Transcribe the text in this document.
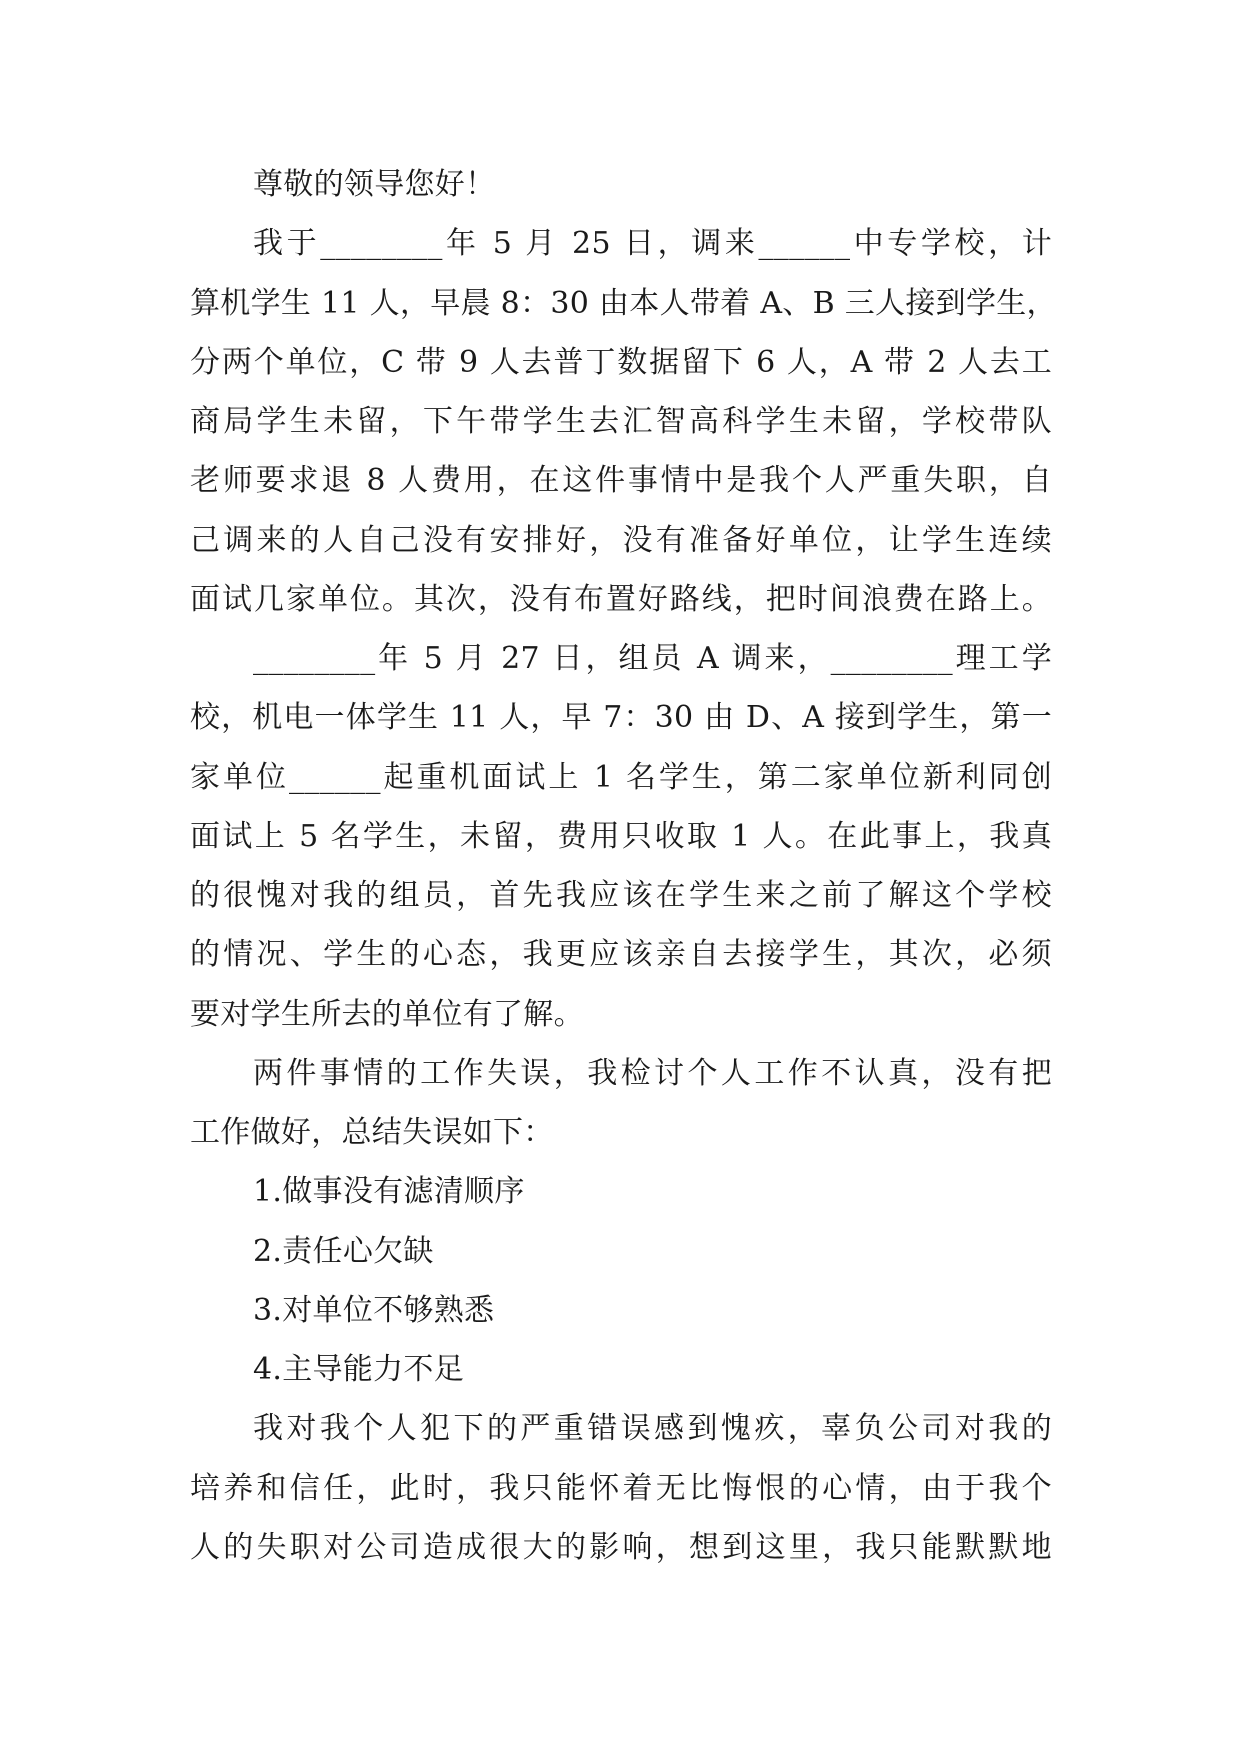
尊敬的领导您好！
我于________年 5 月 25 日，调来______中专学校，计
算机学生 11 人，早晨 8：30 由本人带着 A、B 三人接到学生，
分两个单位，C 带 9 人去普丁数据留下 6 人，A 带 2 人去工
商局学生未留，下午带学生去汇智高科学生未留，学校带队
老师要求退 8 人费用，在这件事情中是我个人严重失职，自
己调来的人自己没有安排好，没有准备好单位，让学生连续
面试几家单位。其次，没有布置好路线，把时间浪费在路上。
________年 5 月 27 日，组员 A 调来，________理工学
校，机电一体学生 11 人，早 7：30 由 D、A 接到学生，第一
家单位______起重机面试上 1 名学生，第二家单位新利同创
面试上 5 名学生，未留，费用只收取 1 人。在此事上，我真
的很愧对我的组员，首先我应该在学生来之前了解这个学校
的情况、学生的心态，我更应该亲自去接学生，其次，必须
要对学生所去的单位有了解。
两件事情的工作失误，我检讨个人工作不认真，没有把
工作做好，总结失误如下：
1.做事没有滤清顺序
2.责任心欠缺
3.对单位不够熟悉
4.主导能力不足
我对我个人犯下的严重错误感到愧疚，辜负公司对我的
培养和信任，此时，我只能怀着无比悔恨的心情，由于我个
人的失职对公司造成很大的影响，想到这里，我只能默默地
